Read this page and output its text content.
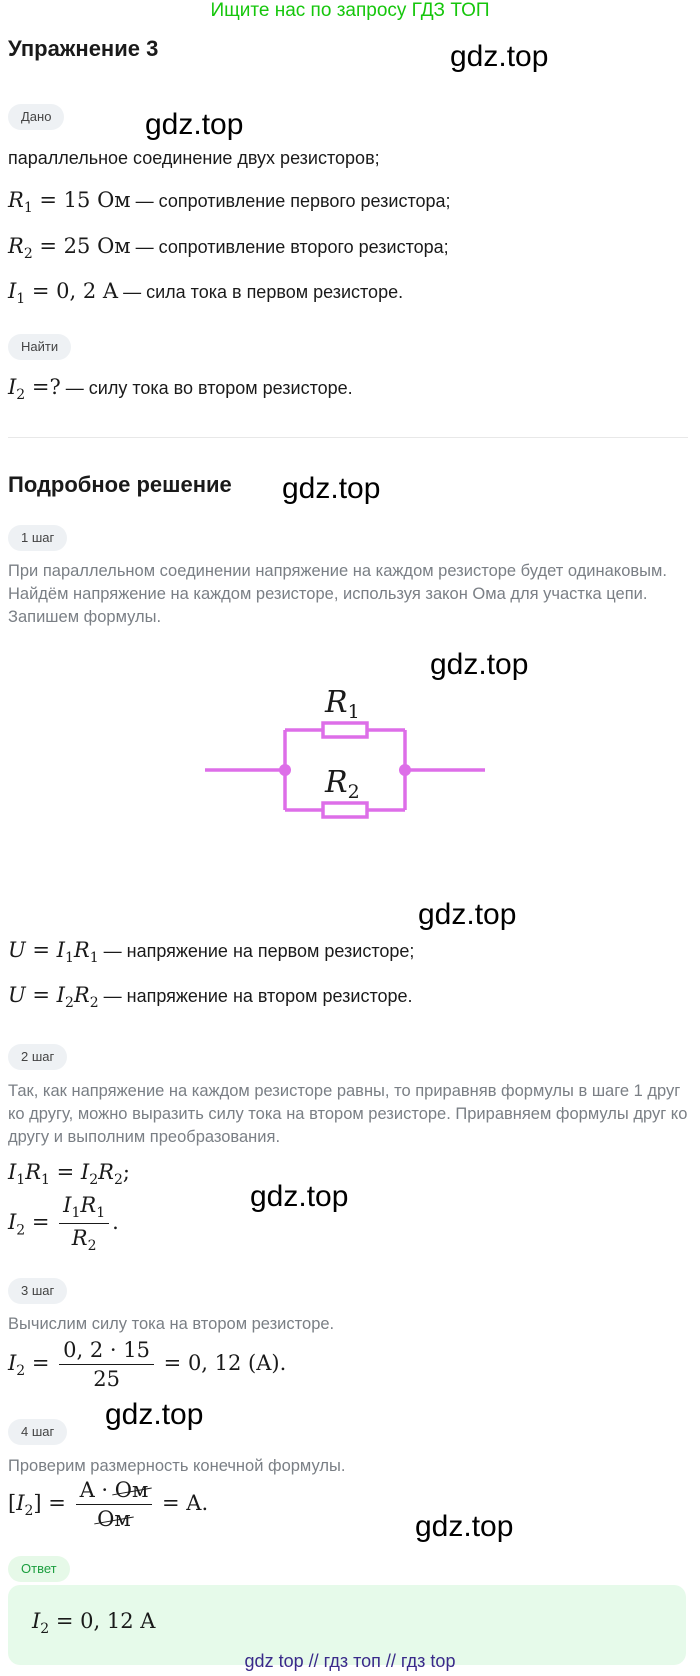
Ищите нас по запросу ГДЗ ТОП
Упражнение 3	gdz.top
Дано	gdz.top
параллельное соединение двух резисторов;
$R_1 = 15$ Ом — сопротивление первого резистора;
$R_2 = 25$ Ом — сопротивление второго резистора;
$I_1 = 0$, 2 A — сила тока в первом резисторе.
Найти
$I_2$ =? — силу тока во втором резисторе.
Подробное решение gdz.top
1 шаг
При параллельном соединении напряжение на каждом резисторе будет одинаковым. Найдём напряжение на каждом резисторе, используя закон Ома для участка цепи. Запишем формулы.
gdz.top
$R_1$
$R_2$
gdz.top
$U = I_1R_1$ — напряжение на первом резисторе;
$U = I_2R_2$ — напряжение на втором резисторе.
2 шаг
Так, как напряжение на каждом резисторе равны, то приравняв формулы в шаге 1 друг ко другу, можно выразить силу тока на втором резисторе. Приравняем формулы друг ко другу и выполним преобразования.
$I_1R_1 = I_2R_2$;
$I_2 = \frac{I_1R_1}{R_2}$ .
gdz.top
3 шаг
Вычислим силу тока на втором резисторе.
$I_2 = \frac{0, 2 \cdot 15}{25} = 0$, 12 (A).
4 шаг
gdz.top
Проверим размерность конечной формулы.
$[I_2] = \frac{A \cdot Ом}{Ом} = A$.
gdz.top
Ответ
$I_2 = 0$, 12 A
gdz top // гдз топ // гдз top
